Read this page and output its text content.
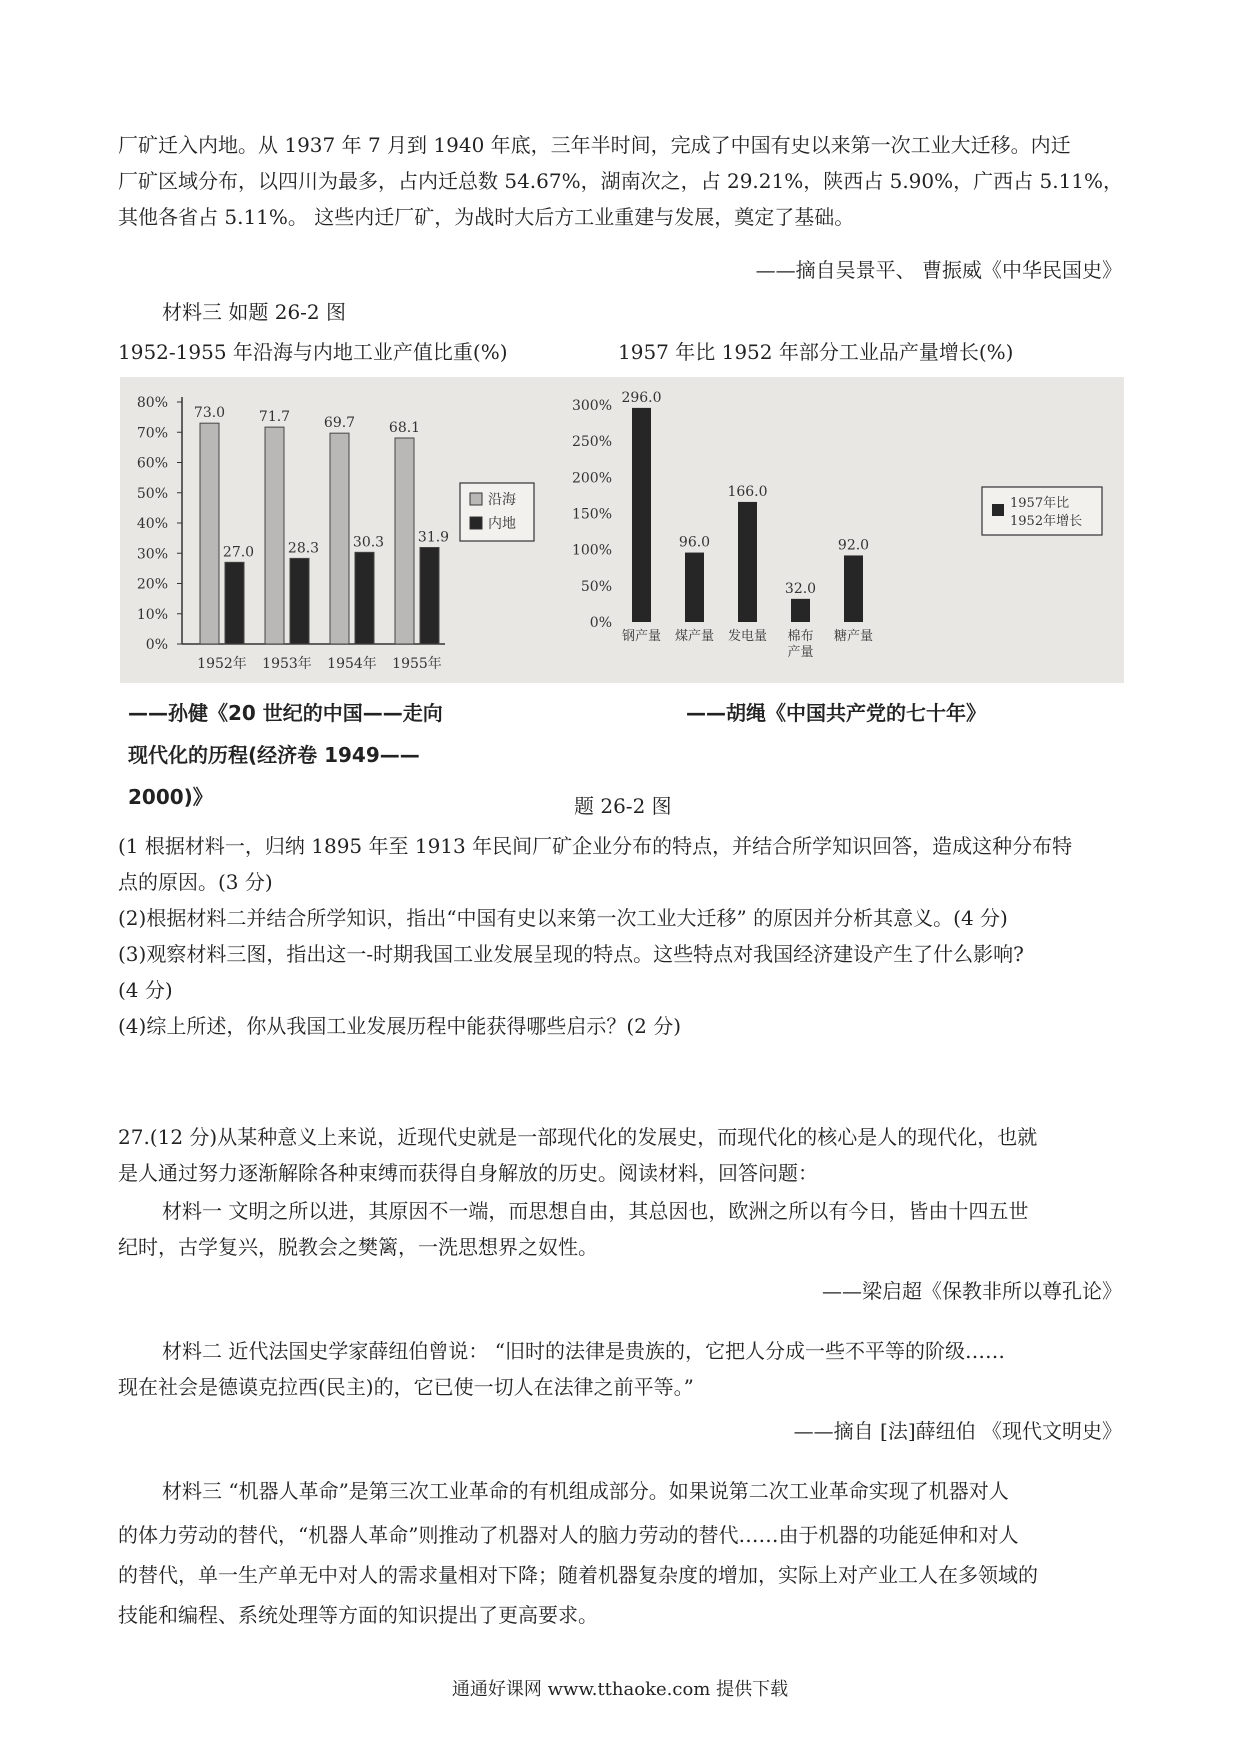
厂矿迁入内地。从 1937 年 7 月到 1940 年底，三年半时间，完成了中国有史以来第一次工业大迁移。内迁
厂矿区域分布，以四川为最多，占内迁总数 54.67%，湖南次之，占 29.21%，陕西占 5.90%，广西占 5.11%，
其他各省占 5.11%。 这些内迁厂矿，为战时大后方工业重建与发展，奠定了基础。
——摘自吴景平、 曹振威《中华民国史》
材料三 如题 26-2 图
1952-1955 年沿海与内地工业产值比重(%)	1957 年比 1952 年部分工业品产量增长(%)
0%
10%
20%
30%
40%
50%
60%
70%
80%
73.0
27.0
1952年
71.7
28.3
1953年
69.7
30.3
1954年
68.1
31.9
1955年
沿海
内地
0%
50%
100%
150%
200%
250%
300%
296.0
钢产量
96.0
煤产量
166.0
发电量
32.0
棉布
产量
92.0
糖产量
1957年比
1952年增长
——孙健《20 世纪的中国——走向
现代化的历程(经济卷 1949——
2000)》
——胡绳《中国共产党的七十年》
题 26-2 图
(1 根据材料一，归纳 1895 年至 1913 年民间厂矿企业分布的特点，并结合所学知识回答，造成这种分布特
点的原因。(3 分)
(2)根据材料二并结合所学知识，指出“中国有史以来第一次工业大迁移” 的原因并分析其意义。(4 分)
(3)观察材料三图，指出这一-时期我国工业发展呈现的特点。这些特点对我国经济建设产生了什么影响?
(4 分)
(4)综上所述，你从我国工业发展历程中能获得哪些启示？(2 分)
27.(12 分)从某种意义上来说，近现代史就是一部现代化的发展史，而现代化的核心是人的现代化，也就
是人通过努力逐渐解除各种束缚而获得自身解放的历史。阅读材料，回答问题：
材料一 文明之所以进，其原因不一端，而思想自由，其总因也，欧洲之所以有今日，皆由十四五世
纪时，古学复兴，脱教会之樊篱，一洗思想界之奴性。
——梁启超《保教非所以尊孔论》
材料二 近代法国史学家薛纽伯曾说： “旧时的法律是贵族的，它把人分成一些不平等的阶级……
现在社会是德谟克拉西(民主)的，它已使一切人在法律之前平等。”
——摘自 [法]薛纽伯 《现代文明史》
材料三 “机器人革命”是第三次工业革命的有机组成部分。如果说第二次工业革命实现了机器对人
的体力劳动的替代，“机器人革命”则推动了机器对人的脑力劳动的替代……由于机器的功能延伸和对人
的替代，单一生产单无中对人的需求量相对下降；随着机器复杂度的增加，实际上对产业工人在多领域的
技能和编程、系统处理等方面的知识提出了更高要求。
通通好课网 www.tthaoke.com 提供下载
